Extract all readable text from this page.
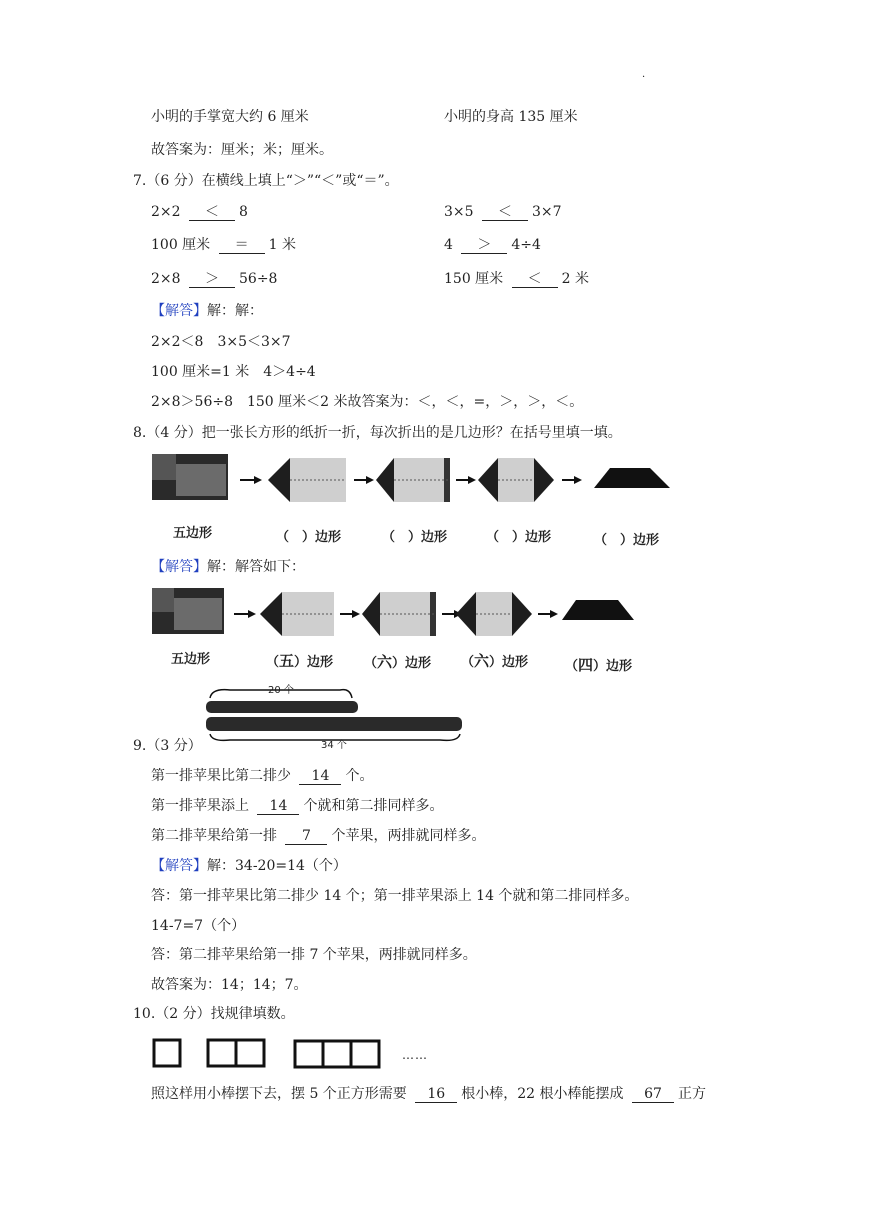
·
小明的手掌宽大约 6 厘米	小明的身高 135 厘米
故答案为：厘米；米；厘米。
7.（6 分）在横线上填上“＞”“＜”或“＝”。
2×2 ＜ 8	3×5 ＜ 3×7
100 厘米 ＝ 1 米	4 ＞ 4÷4
2×8 ＞ 56÷8	150 厘米 ＜ 2 米
【解答】解：解：
2×2＜8　3×5＜3×7
100 厘米=1 米　4＞4÷4
2×8＞56÷8　150 厘米＜2 米故答案为：＜，＜，=，＞，＞，＜。
8.（4 分）把一张长方形的纸折一折，每次折出的是几边形？在括号里填一填。
五边形	（　）边形	（　）边形	（　）边形	（　）边形
【解答】解：解答如下：
五边形	（五）边形 （六）边形 （六）边形	（四）边形
20 个
34 个
9.（3 分）
第一排苹果比第二排少 14 个。
第一排苹果添上 14 个就和第二排同样多。
第二排苹果给第一排 7 个苹果，两排就同样多。
【解答】解：34-20=14（个）
答：第一排苹果比第二排少 14 个；第一排苹果添上 14 个就和第二排同样多。
14-7=7（个）
答：第二排苹果给第一排 7 个苹果，两排就同样多。
故答案为：14；14；7。
10.（2 分）找规律填数。
……
照这样用小棒摆下去，摆 5 个正方形需要 16 根小棒，22 根小棒能摆成 67 正方
